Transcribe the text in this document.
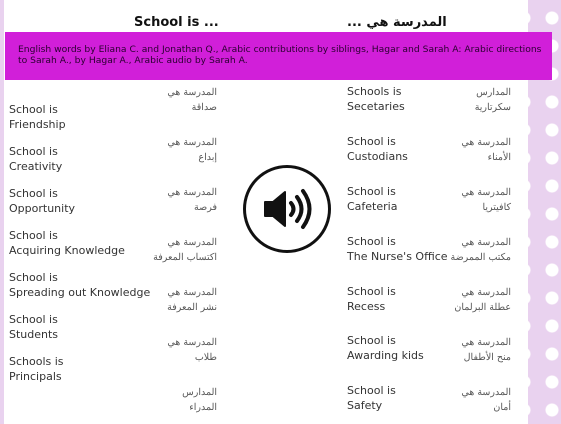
School is ...	المدرسة هي ...
English words by Eliana C. and Jonathan Q., Arabic contributions by siblings, Hagar and Sarah A: Arabic directions to Sarah A., by Hagar A., Arabic audio by Sarah A.
School is
Friendship
School is
Creativity
School is
Opportunity
School is
Acquiring Knowledge
School is
Spreading out Knowledge
School is
Students
Schools is
Principals
المدرسة هي
صداقة
المدرسة هي
إبداع
المدرسة هي
فرصة
المدرسة هي
اكتساب المعرفة
المدرسة هي
نشر المعرفة
المدرسة هي
طلاب
المدارس
المدراء
Schools is
Secetaries
School is
Custodians
School is
Cafeteria
School is
The Nurse's Office
School is
Recess
School is
Awarding kids
School is
Safety
المدارس
سكرتارية
المدرسة هي
الأمناء
المدرسة هي
كافيتريا
المدرسة هي
مكتب الممرضة
المدرسة هي
عطلة البرلمان
المدرسة هي
منح الأطفال
المدرسة هي
أمان
